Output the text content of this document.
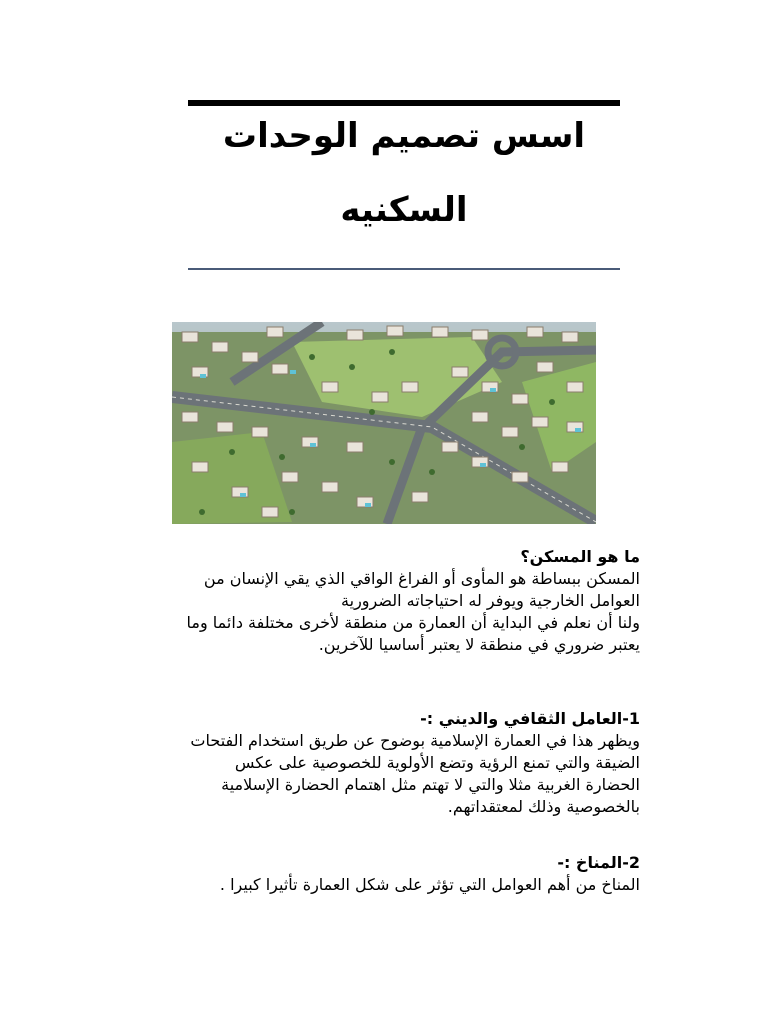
اسس تصميم الوحدات
السكنيه
ما هو المسكن؟
المسكن ببساطة هو المأوى أو الفراغ الواقي الذي يقي الإنسان من
العوامل الخارجية ويوفر له احتياجاته الضرورية
ولنا أن نعلم في البداية أن العمارة من منطقة لأخرى مختلفة دائما وما
يعتبر ضروري في منطقة لا يعتبر أساسيا للآخرين.
1-العامل الثقافي والديني :-
ويظهر هذا في العمارة الإسلامية بوضوح عن طريق استخدام الفتحات
الضيقة والتي تمنع الرؤية وتضع الأولوية للخصوصية على عكس
الحضارة الغربية مثلا والتي لا تهتم مثل اهتمام الحضارة الإسلامية
بالخصوصية وذلك لمعتقداتهم.
2-المناخ :-
المناخ من أهم العوامل التي تؤثر على شكل العمارة تأثيرا كبيرا .
